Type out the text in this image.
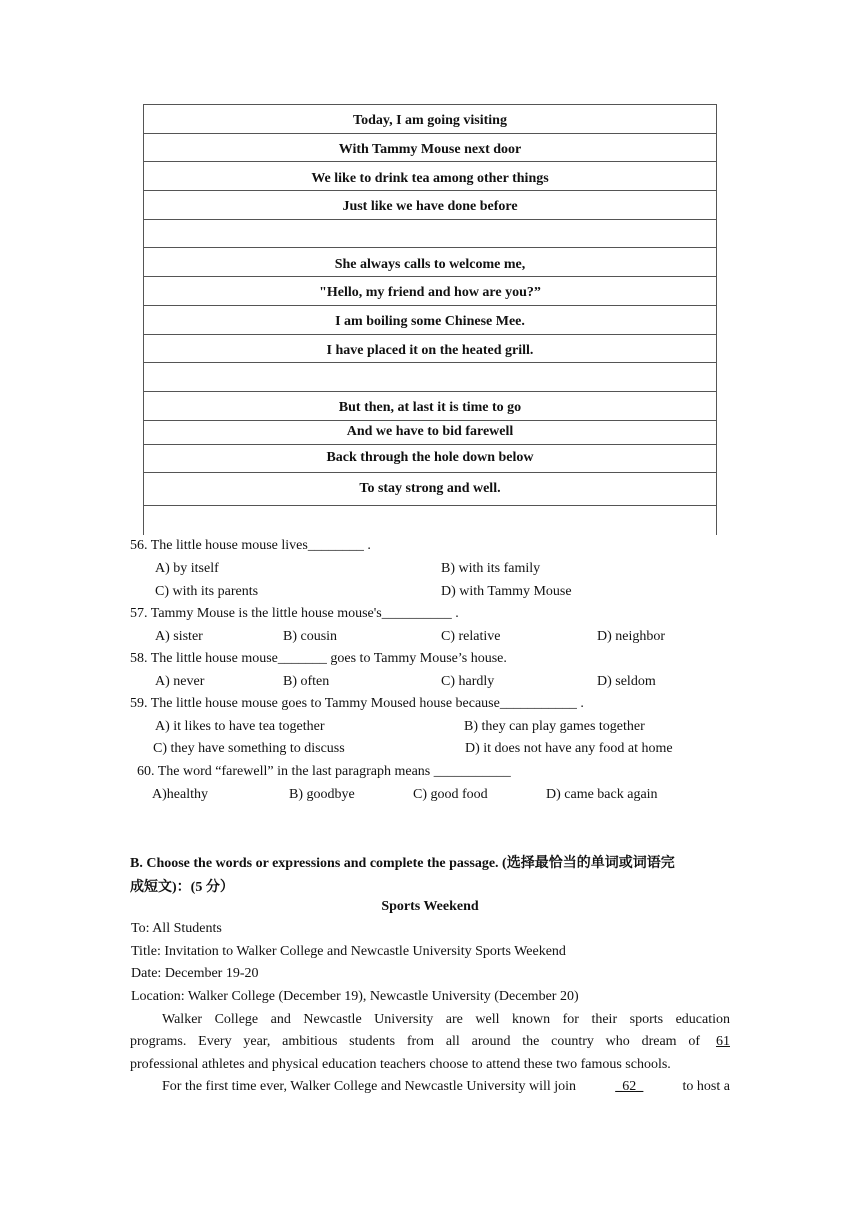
Today, I am going visiting
With Tammy Mouse next door
We like to drink tea among other things
Just like we have done before

She always calls to welcome me,
"Hello, my friend and how are you?”
I am boiling some Chinese Mee.
I have placed it on the heated grill.

But then, at last it is time to go
And we have to bid farewell
Back through the hole down below
To stay strong and well.

56. The little house mouse lives________ .
A) by itself	B) with its family
C) with its parents	D) with Tammy Mouse
57. Tammy Mouse is the little house mouse's__________ .
A) sister	B) cousin	C) relative	D) neighbor
58. The little house mouse_______ goes to Tammy Mouse’s house.
A) never	B) often	C) hardly	D) seldom
59. The little house mouse goes to Tammy Moused house because___________ .
A) it likes to have tea together	B) they can play games together
C) they have something to discuss	D) it does not have any food at home
60. The word “farewell” in the last paragraph means ___________
A)healthy	B) goodbye	C) good food	D) came back again
B. Choose the words or expressions and complete the passage. (选择最恰当的单词或词语完
成短文)：(5 分）
Sports Weekend
To: All Students
Title: Invitation to Walker College and Newcastle University Sports Weekend
Date: December 19-20
Location: Walker College (December 19), Newcastle University (December 20)
Walker College and Newcastle University are well known for their sports education
programs. Every year, ambitious students from all around the country who dream of 61
professional athletes and physical education teachers choose to attend these two famous schools.
For the first time ever, Walker College and Newcastle University will join	_62_	to host a
